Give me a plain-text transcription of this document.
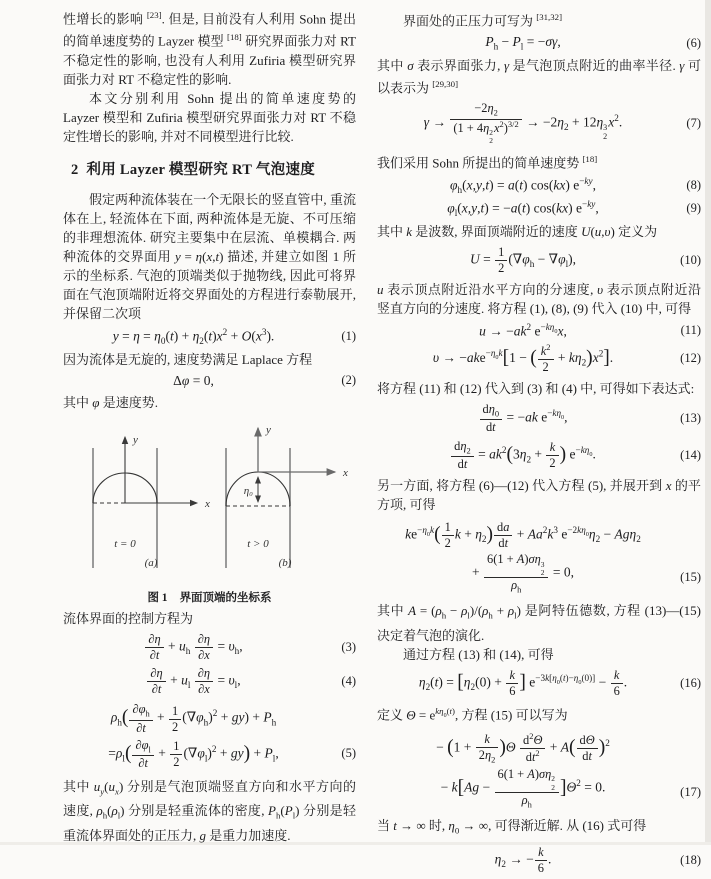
性增长的影响 [23]. 但是, 目前没有人利用 Sohn 提出的简单速度势的 Layzer 模型 [18] 研究界面张力对 RT 不稳定性的影响, 也没有人利用 Zufiria 模型研究界面张力对 RT 不稳定性的影响.

本文分别利用 Sohn 提出的简单速度势的 Layzer 模型和 Zufiria 模型研究界面张力对 RT 不稳定性增长的影响, 并对不同模型进行比较.

2  利用 Layzer 模型研究 RT 气泡速度

假定两种流体装在一个无限长的竖直管中, 重流体在上, 轻流体在下面, 两种流体是无旋、不可压缩的非理想流体. 研究主要集中在层流、单模耦合. 两种流体的交界面用 y = η(x,t) 描述, 并建立如图 1 所示的坐标系. 气泡的顶端类似于抛物线, 因此可将界面在气泡顶端附近将交界面处的方程进行泰勒展开, 并保留二次项

$y = \eta = \eta_0(t) + \eta_2(t)x^2 + O(x^3)$.	(1)

因为流体是无旋的, 速度势满足 Laplace 方程

Δφ = 0,	(2)

其中 φ 是速度势.

y
x
t = 0
(a)
y
x
η₀
t > 0
(b)
图 1 界面顶端的坐标系

流体界面的控制方程为

$\frac{\partial\eta}{\partial t} + u_h \frac{\partial\eta}{\partial x} = \upsilon_h$,	(3)
$\frac{\partial\eta}{\partial t} + u_l \frac{\partial\eta}{\partial x} = \upsilon_l$,	(4)
$\rho_h( \frac{\partial\varphi_h}{\partial t} + \frac{1}{2} (\nabla\varphi_h)^2 + gy) + P_h$
$=\rho_l( \frac{\partial\varphi_l}{\partial t} + \frac{1}{2} (\nabla\varphi_l)^2 + gy) + P_l$,	(5)

其中 $u_y(u_x)$ 分别是气泡顶端竖直方向和水平方向的速度, $\rho_h(\rho_l)$ 分别是轻重流体的密度, $P_h(P_l)$ 分别是轻重流体界面处的正压力, g 是重力加速度.

界面处的正压力可写为 [31,32]

$P_h - P_l = -\sigma\gamma$,	(6)

其中 σ 表示界面张力, γ 是气泡顶点附近的曲率半径. γ 可以表示为 [29,30]

$\gamma \to -2\eta_2$
(1 + 4η 2
2
$x^2)^{3/2} \to -2\eta_2 + 12\eta$ 3
2
$x^2$.	(7)

我们采用 Sohn 所提出的简单速度势 [18]

$\varphi_h(x,y,t) = a(t)$ cos(kx) $e^{-ky}$,	(8)
$\varphi_l(x,y,t) = -a(t)$ cos(kx) $e^{-ky}$,	(9)

其中 k 是波数, 界面顶端附近的速度 U(u,υ) 定义为

$U = \frac{1}{2} (\nabla\varphi_h - \nabla\varphi_l)$,	(10)

u 表示顶点附近沿水平方向的分速度, υ 表示顶点附近沿竖直方向的分速度. 将方程 (1), (8), (9) 代入 (10) 中, 可得

$u \to -ak^2$ $e^{-k\eta_0}x$,	(11)
υ → −ake$^{-\eta_0k}$[1 − ( $\frac{k^2}{2} + k\eta_2)x^2$].	(12)

将方程 (11) 和 (12) 代入到 (3) 和 (4) 中, 可得如下表达式:

$\frac{d\eta_0}{dt} = -ak$ $e^{-k\eta_0}$,	(13)
$\frac{d\eta_2}{dt} = ak^2(3\eta_2 + \frac{k}{2}$ ) $e^{-k\eta_0}$.	(14)

另一方面, 将方程 (6)—(12) 代入方程 (5), 并展开到 x 的平方项, 可得

$ke^{-\eta_0k}( \frac{1}{2}$ $k + \eta_2) \frac{da}{dt} + Aa^2k^3$ $e^{-2k\eta_0}\eta_2 - Ag\eta_2$
+ 6(1 + A)ση 3
2
$\rho_h = 0$,	(15)

其中 $A = (\rho_h - \rho_l)/(\rho_h + \rho_l)$ 是阿特伍德数, 方程 (13)—(15) 决定着气泡的演化.

通过方程 (13) 和 (14), 可得

$\eta_2(t) = [\eta_2(0) + \frac{k}{6}$ ] $e^{-3k[\eta_0(t)-\eta_0(0)]} - \frac{k}{6}$ .	(16)

定义 $\Theta = e^{k\eta_0(t)}$, 方程 (15) 可以写为

− $(1 + \frac{k}{2\eta_2} )\Theta \frac{d^2\Theta}{dt^2} + A( \frac{d\Theta}{dt} )^2$
− k[Ag − 6(1 + A)ση 2
2
$\rho_h$ ]$\Theta^2 = 0$.	(17)

当 t → ∞ 时, $\eta_0$ → ∞, 可得渐近解. 从 (16) 式可得

$\eta_2$ → − $\frac{k}{6}$ .	(18)
